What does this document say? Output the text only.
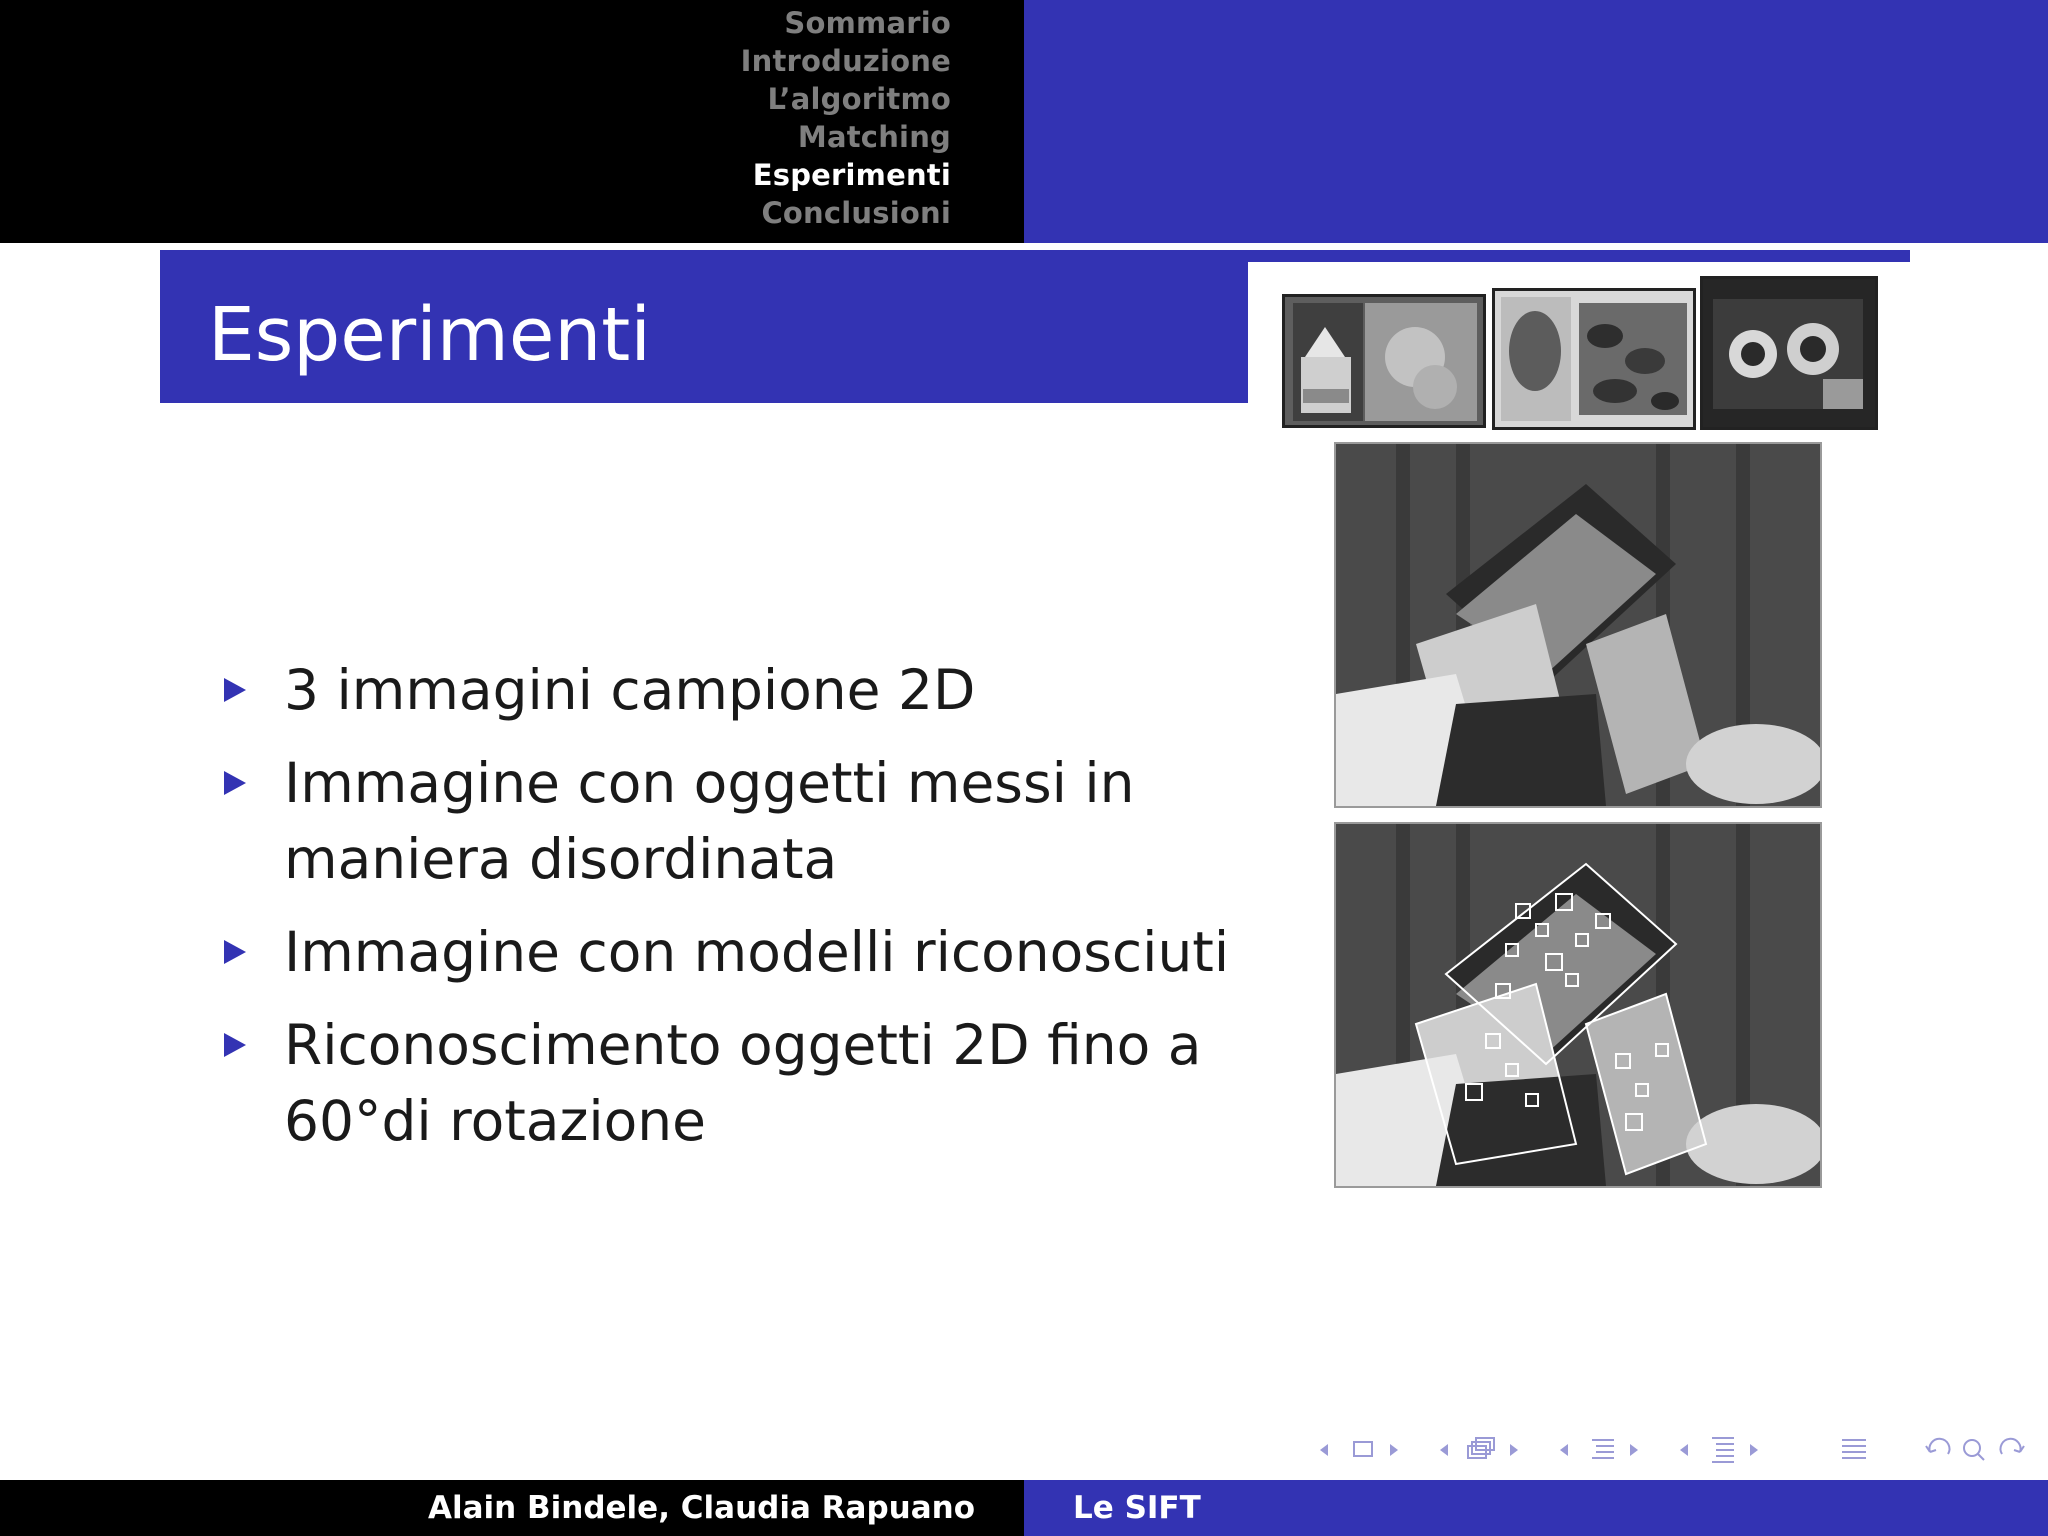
Sommario
Introduzione
L’algoritmo
Matching
Esperimenti
Conclusioni
Esperimenti
3 immagini campione 2D
Immagine con oggetti messi in maniera disordinata
Immagine con modelli riconosciuti
Riconoscimento oggetti 2D fino a 60°di rotazione
Alain Bindele, Claudia Rapuano	Le SIFT
